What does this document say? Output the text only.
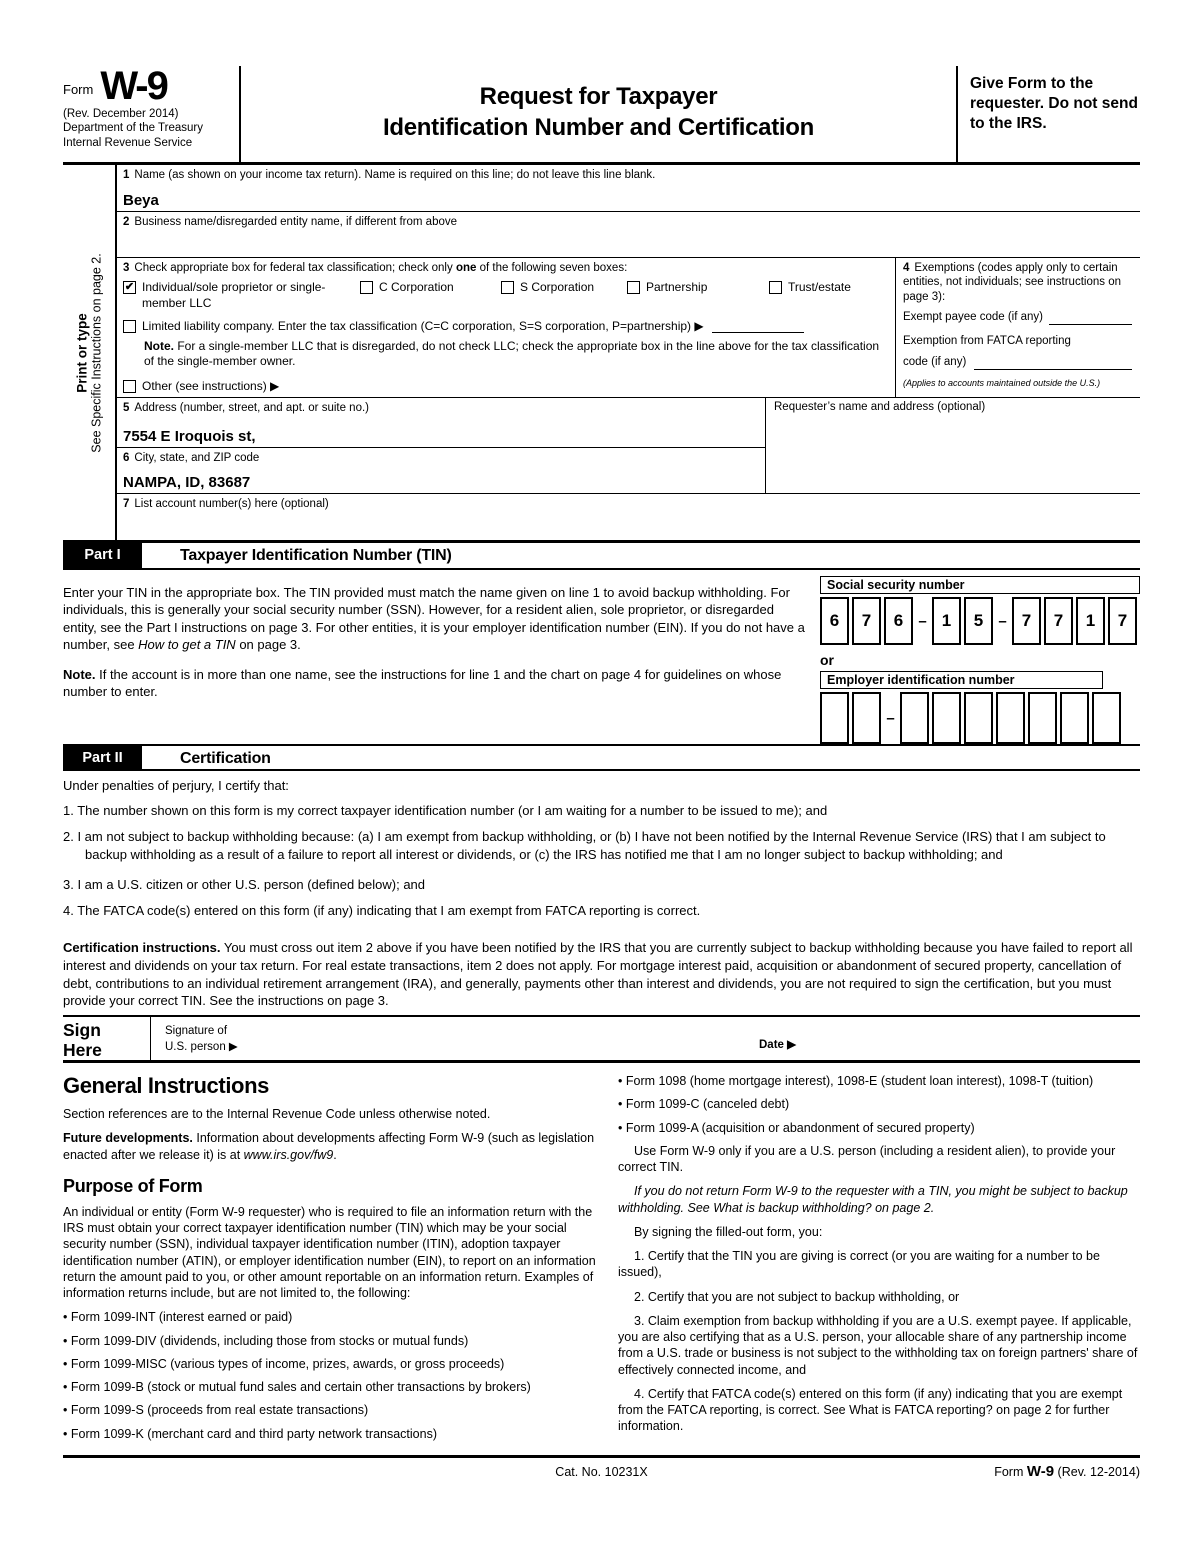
Form W-9
(Rev. December 2014)
Department of the Treasury
Internal Revenue Service
Request for Taxpayer
Identification Number and Certification
Give Form to the requester. Do not send to the IRS.
Print or type See Specific Instructions on page 2.
1 Name (as shown on your income tax return). Name is required on this line; do not leave this line blank.
Beya
2 Business name/disregarded entity name, if different from above
3 Check appropriate box for federal tax classification; check only one of the following seven boxes:
✔ Individual/sole proprietor or single-member LLC
C Corporation	S Corporation	Partnership	Trust/estate
Limited liability company. Enter the tax classification (C=C corporation, S=S corporation, P=partnership) ▶
Note. For a single-member LLC that is disregarded, do not check LLC; check the appropriate box in the line above for the tax classification of the single-member owner.
Other (see instructions) ▶
4 Exemptions (codes apply only to certain entities, not individuals; see instructions on page 3):
Exempt payee code (if any)
Exemption from FATCA reporting
code (if any)
(Applies to accounts maintained outside the U.S.)
5 Address (number, street, and apt. or suite no.)
7554 E Iroquois st,
6 City, state, and ZIP code
NAMPA, ID, 83687
Requester’s name and address (optional)
7 List account number(s) here (optional)
Part I	Taxpayer Identification Number (TIN)
Enter your TIN in the appropriate box. The TIN provided must match the name given on line 1 to avoid backup withholding. For individuals, this is generally your social security number (SSN). However, for a resident alien, sole proprietor, or disregarded entity, see the Part I instructions on page 3. For other entities, it is your employer identification number (EIN). If you do not have a number, see How to get a TIN on page 3.
Note. If the account is in more than one name, see the instructions for line 1 and the chart on page 4 for guidelines on whose number to enter.
Social security number
6	7	6	– 1	5	– 7	7	1	7
or
Employer identification number
–
Part II	Certification
Under penalties of perjury, I certify that:
1. The number shown on this form is my correct taxpayer identification number (or I am waiting for a number to be issued to me); and
2. I am not subject to backup withholding because: (a) I am exempt from backup withholding, or (b) I have not been notified by the Internal Revenue Service (IRS) that I am subject to backup withholding as a result of a failure to report all interest or dividends, or (c) the IRS has notified me that I am no longer subject to backup withholding; and
3. I am a U.S. citizen or other U.S. person (defined below); and
4. The FATCA code(s) entered on this form (if any) indicating that I am exempt from FATCA reporting is correct.
Certification instructions. You must cross out item 2 above if you have been notified by the IRS that you are currently subject to backup withholding because you have failed to report all interest and dividends on your tax return. For real estate transactions, item 2 does not apply. For mortgage interest paid, acquisition or abandonment of secured property, cancellation of debt, contributions to an individual retirement arrangement (IRA), and generally, payments other than interest and dividends, you are not required to sign the certification, but you must provide your correct TIN. See the instructions on page 3.
Sign
Here
Signature of
U.S. person ▶	Date ▶
General Instructions
Section references are to the Internal Revenue Code unless otherwise noted.
Future developments. Information about developments affecting Form W-9 (such as legislation enacted after we release it) is at www.irs.gov/fw9.
Purpose of Form
An individual or entity (Form W-9 requester) who is required to file an information return with the IRS must obtain your correct taxpayer identification number (TIN) which may be your social security number (SSN), individual taxpayer identification number (ITIN), adoption taxpayer identification number (ATIN), or employer identification number (EIN), to report on an information return the amount paid to you, or other amount reportable on an information return. Examples of information returns include, but are not limited to, the following:
• Form 1099-INT (interest earned or paid)
• Form 1099-DIV (dividends, including those from stocks or mutual funds)
• Form 1099-MISC (various types of income, prizes, awards, or gross proceeds)
• Form 1099-B (stock or mutual fund sales and certain other transactions by brokers)
• Form 1099-S (proceeds from real estate transactions)
• Form 1099-K (merchant card and third party network transactions)
• Form 1098 (home mortgage interest), 1098-E (student loan interest), 1098-T (tuition)
• Form 1099-C (canceled debt)
• Form 1099-A (acquisition or abandonment of secured property)
Use Form W-9 only if you are a U.S. person (including a resident alien), to provide your correct TIN.
If you do not return Form W-9 to the requester with a TIN, you might be subject to backup withholding. See What is backup withholding? on page 2.
By signing the filled-out form, you:
1. Certify that the TIN you are giving is correct (or you are waiting for a number to be issued),
2. Certify that you are not subject to backup withholding, or
3. Claim exemption from backup withholding if you are a U.S. exempt payee. If applicable, you are also certifying that as a U.S. person, your allocable share of any partnership income from a U.S. trade or business is not subject to the withholding tax on foreign partners' share of effectively connected income, and
4. Certify that FATCA code(s) entered on this form (if any) indicating that you are exempt from the FATCA reporting, is correct. See What is FATCA reporting? on page 2 for further information.
Cat. No. 10231X	Form W-9 (Rev. 12-2014)
